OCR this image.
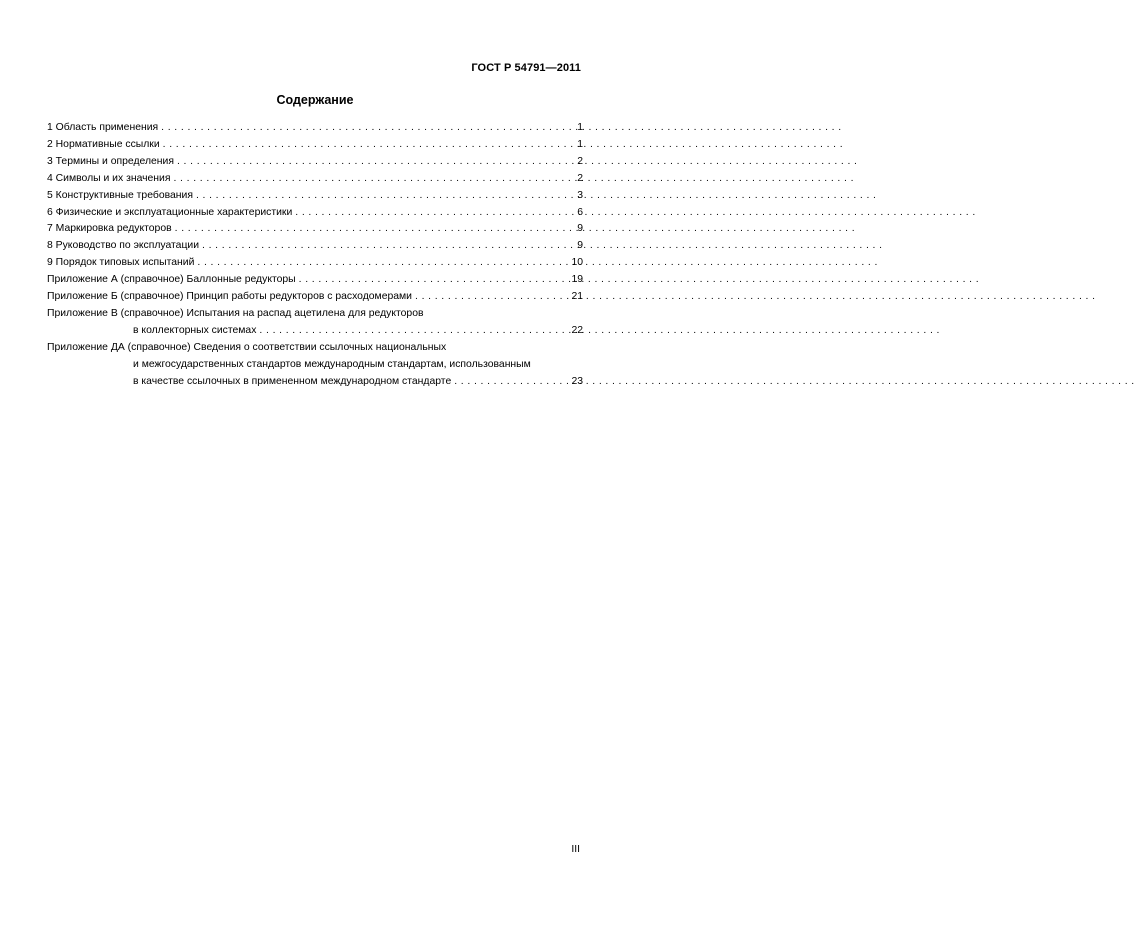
ГОСТ Р 54791—2011
Содержание
1 Область применения . . .	1
2 Нормативные ссылки . . .	1
3 Термины и определения . . .	2
4 Символы и их значения . . .	2
5 Конструктивные требования . . .	3
6 Физические и эксплуатационные характеристики . . .	6
7 Маркировка редукторов . . .	9
8 Руководство по эксплуатации . . .	9
9 Порядок типовых испытаний . . .	10
Приложение А (справочное) Баллонные редукторы . . .	19
Приложение Б (справочное) Принцип работы редукторов с расходомерами . . .	21
Приложение В (справочное) Испытания на распад ацетилена для редукторов
в коллекторных системах . . .	22
Приложение ДА (справочное) Сведения о соответствии ссылочных национальных
и межгосударственных стандартов международным стандартам, использованным
в качестве ссылочных в примененном международном стандарте . . .	23
III
